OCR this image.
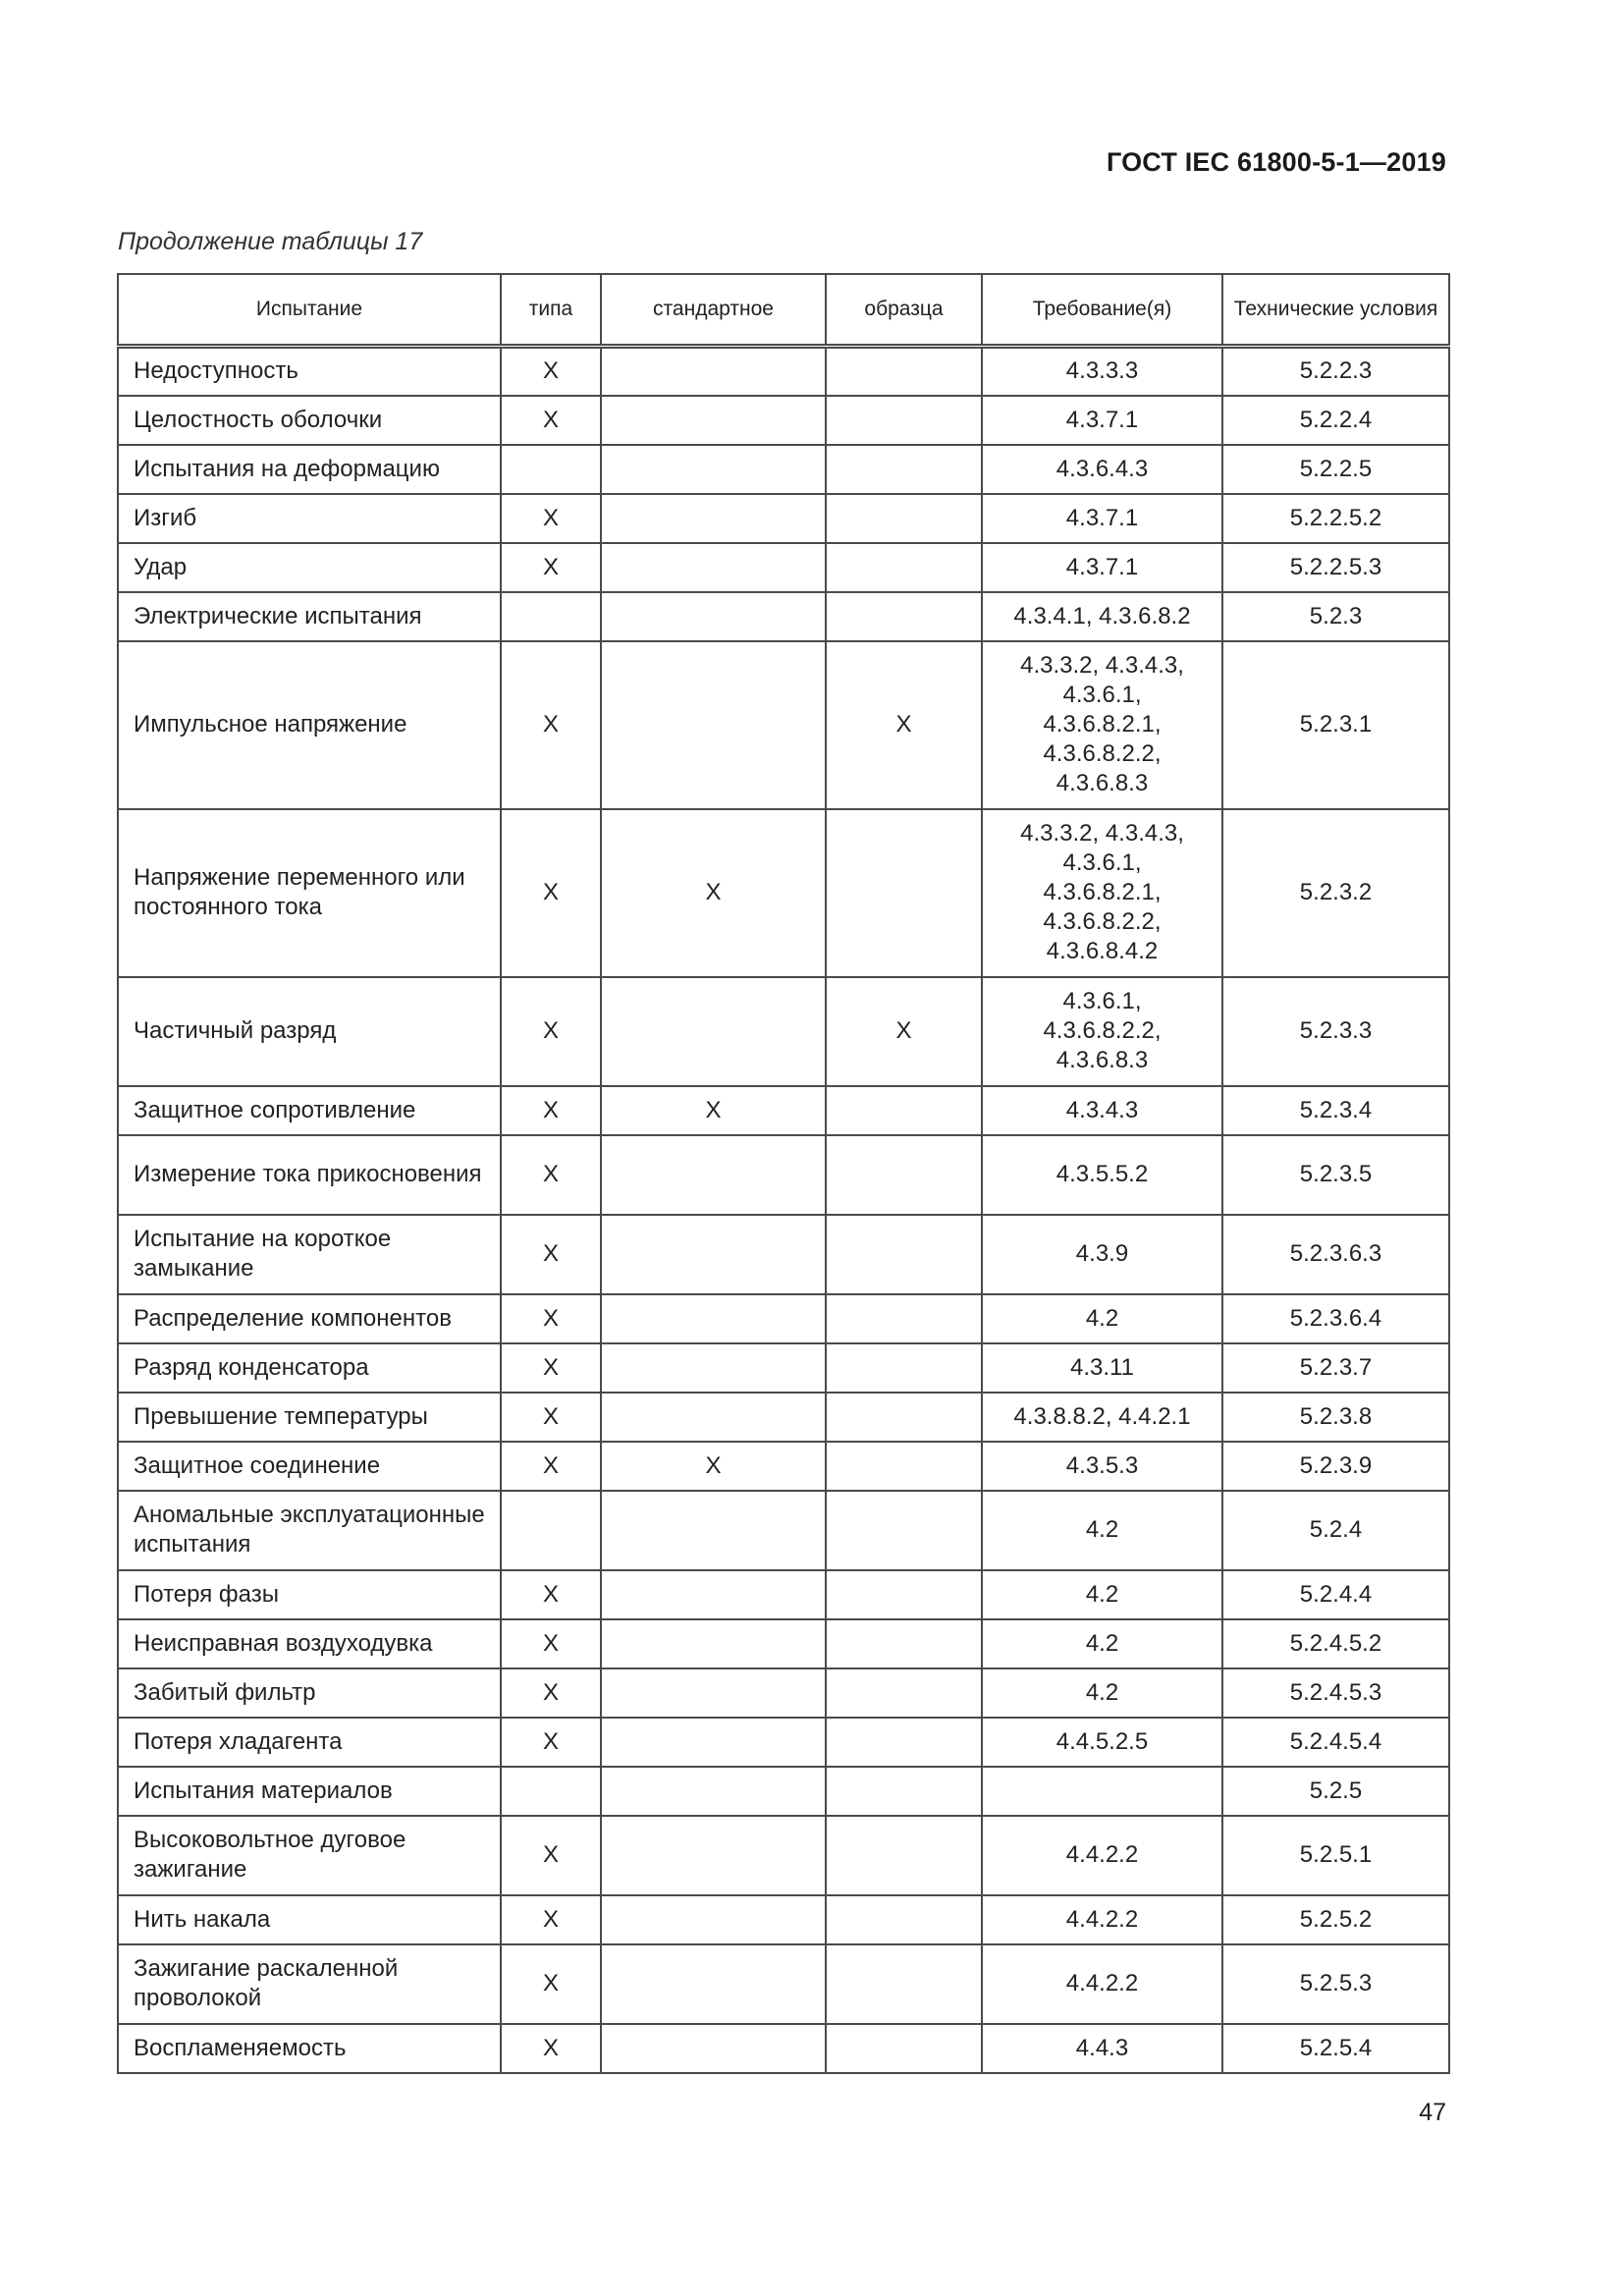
ГОСТ IEC 61800-5-1—2019
Продолжение таблицы 17
Испытание	типа	стандартное	образца	Требование(я)	Технические условия
Недоступность	X			4.3.3.3	5.2.2.3
Целостность оболочки	X			4.3.7.1	5.2.2.4
Испытания на деформацию				4.3.6.4.3	5.2.2.5
Изгиб	X			4.3.7.1	5.2.2.5.2
Удар	X			4.3.7.1	5.2.2.5.3
Электрические испытания				4.3.4.1, 4.3.6.8.2	5.2.3
Импульсное напряжение	X		X	4.3.3.2, 4.3.4.3,
4.3.6.1,
4.3.6.8.2.1,
4.3.6.8.2.2,
4.3.6.8.3	5.2.3.1
Напряжение переменного или постоянного тока	X	X		4.3.3.2, 4.3.4.3,
4.3.6.1,
4.3.6.8.2.1,
4.3.6.8.2.2,
4.3.6.8.4.2	5.2.3.2
Частичный разряд	X		X	4.3.6.1,
4.3.6.8.2.2,
4.3.6.8.3	5.2.3.3
Защитное сопротивление	X	X		4.3.4.3	5.2.3.4
Измерение тока прикосновения	X			4.3.5.5.2	5.2.3.5
Испытание на короткое замыкание	X			4.3.9	5.2.3.6.3
Распределение компонентов	X			4.2	5.2.3.6.4
Разряд конденсатора	X			4.3.11	5.2.3.7
Превышение температуры	X			4.3.8.8.2, 4.4.2.1	5.2.3.8
Защитное соединение	X	X		4.3.5.3	5.2.3.9
Аномальные эксплуатационные испытания				4.2	5.2.4
Потеря фазы	X			4.2	5.2.4.4
Неисправная воздуходувка	X			4.2	5.2.4.5.2
Забитый фильтр	X			4.2	5.2.4.5.3
Потеря хладагента	X			4.4.5.2.5	5.2.4.5.4
Испытания материалов					5.2.5
Высоковольтное дуговое зажигание	X			4.4.2.2	5.2.5.1
Нить накала	X			4.4.2.2	5.2.5.2
Зажигание раскаленной проволокой	X			4.4.2.2	5.2.5.3
Воспламеняемость	X			4.4.3	5.2.5.4
47
